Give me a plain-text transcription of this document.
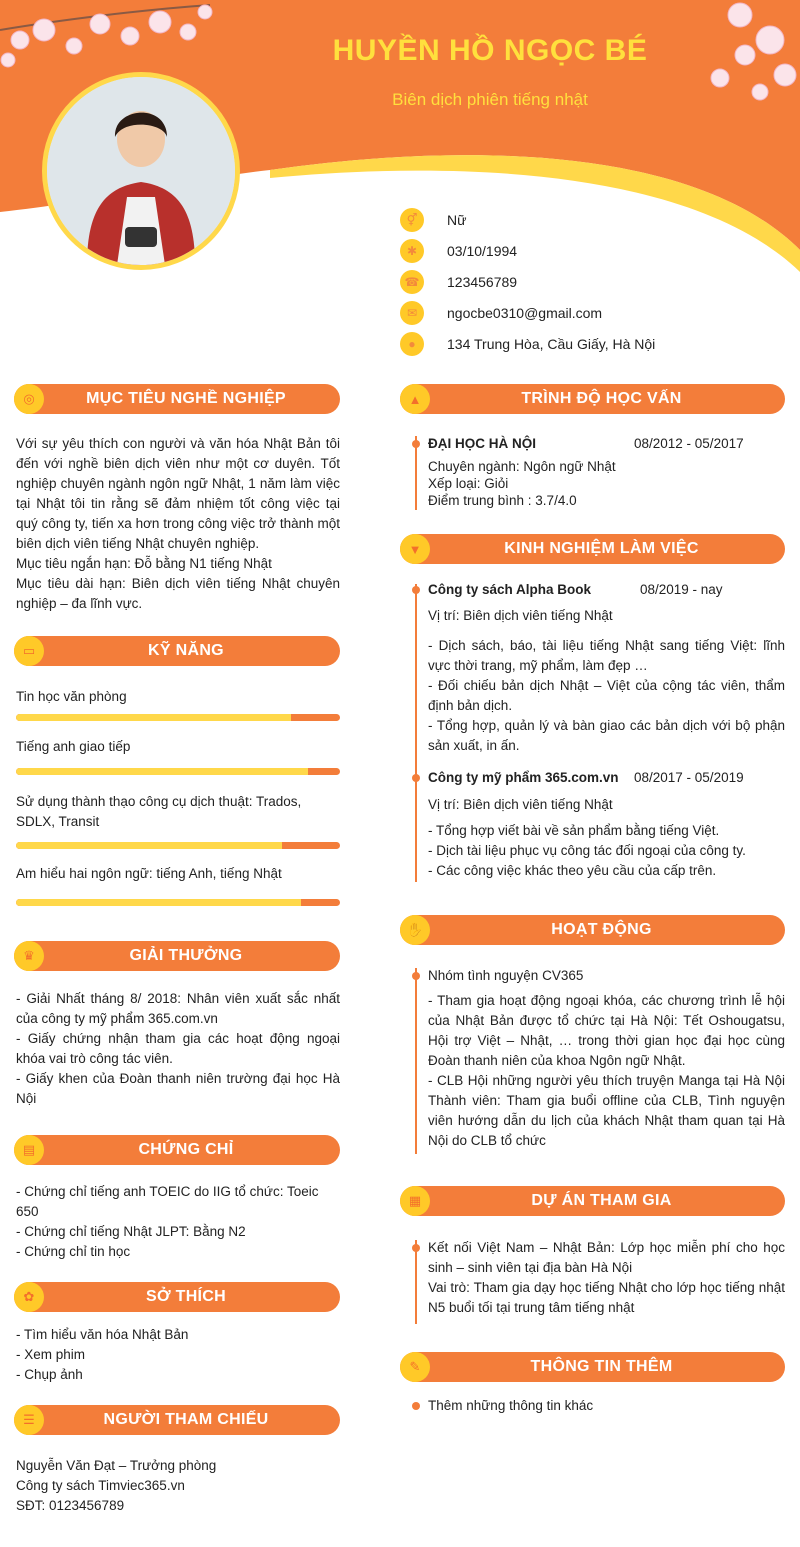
HUYỀN HỒ NGỌC BÉ
Biên dịch phiên tiếng nhật
⚥	Nữ
✱	03/10/1994
☎	123456789
✉	ngocbe0310@gmail.com
●	134 Trung Hòa, Cầu Giấy, Hà Nội
◎	MỤC TIÊU NGHỀ NGHIỆP
Với sự yêu thích con người và văn hóa Nhật Bản tôi đến với nghề biên dịch viên như một cơ duyên. Tốt nghiệp chuyên ngành ngôn ngữ Nhật, 1 năm làm việc tại Nhật tôi tin rằng sẽ đảm nhiệm tốt công việc tại quý công ty, tiến xa hơn trong công việc trở thành một biên dịch viên tiếng Nhật chuyên nghiệp.
Mục tiêu ngắn hạn: Đỗ bằng N1 tiếng Nhật
Mục tiêu dài hạn: Biên dịch viên tiếng Nhật chuyên nghiệp – đa lĩnh vực.
▭	KỸ NĂNG
Tin học văn phòng
Tiếng anh giao tiếp
Sử dụng thành thạo công cụ dịch thuật: Trados, SDLX, Transit
Am hiểu hai ngôn ngữ: tiếng Anh, tiếng Nhật
♛	GIẢI THƯỞNG
- Giải Nhất tháng 8/ 2018: Nhân viên xuất sắc nhất của công ty mỹ phẩm 365.com.vn
- Giấy chứng nhận tham gia các hoạt động ngoại khóa vai trò công tác viên.
- Giấy khen của Đoàn thanh niên trường đại học Hà Nội
▤	CHỨNG CHỈ
- Chứng chỉ tiếng anh TOEIC do IIG tổ chức: Toeic 650
- Chứng chỉ tiếng Nhật JLPT: Bằng N2
- Chứng chỉ tin học
✿	SỞ THÍCH
- Tìm hiểu văn hóa Nhật Bản
- Xem phim
- Chụp ảnh
☰	NGƯỜI THAM CHIẾU
Nguyễn Văn Đạt – Trưởng phòng
Công ty sách Timviec365.vn
SĐT: 0123456789
▲	TRÌNH ĐỘ HỌC VẤN
ĐẠI HỌC HÀ NỘI	08/2012 - 05/2017
Chuyên ngành: Ngôn ngữ Nhật
Xếp loại: Giỏi
Điểm trung bình : 3.7/4.0
▼	KINH NGHIỆM LÀM VIỆC
Công ty sách Alpha Book	08/2019 - nay
Vị trí: Biên dịch viên tiếng Nhật
- Dịch sách, báo, tài liệu tiếng Nhật sang tiếng Việt: lĩnh vực thời trang, mỹ phẩm, làm đẹp …
- Đối chiếu bản dịch Nhật – Việt của cộng tác viên, thẩm định bản dịch.
- Tổng hợp, quản lý và bàn giao các bản dịch với bộ phận sản xuất, in ấn.
Công ty mỹ phẩm 365.com.vn 08/2017 - 05/2019
Vị trí: Biên dịch viên tiếng Nhật
- Tổng hợp viết bài về sản phẩm bằng tiếng Việt.
- Dịch tài liệu phục vụ công tác đối ngoại của công ty.
- Các công việc khác theo yêu cầu của cấp trên.
✋	HOẠT ĐỘNG
Nhóm tình nguyện CV365
- Tham gia hoạt động ngoại khóa, các chương trình lễ hội của Nhật Bản được tổ chức tại Hà Nội: Tết Oshougatsu, Hội trợ Việt – Nhật, … trong thời gian học đại học cùng Đoàn thanh niên của khoa Ngôn ngữ Nhật.
- CLB Hội những người yêu thích truyện Manga tại Hà Nội Thành viên: Tham gia buổi offline của CLB, Tình nguyện viên hướng dẫn du lịch của khách Nhật tham quan tại Hà Nội do CLB tổ chức
▦	DỰ ÁN THAM GIA
Kết nối Việt Nam – Nhật Bản: Lớp học miễn phí cho học sinh – sinh viên tại địa bàn Hà Nội
Vai trò: Tham gia dạy học tiếng Nhật cho lớp học tiếng nhật N5 buổi tối tại trung tâm tiếng nhật
✎	THÔNG TIN THÊM
Thêm những thông tin khác
